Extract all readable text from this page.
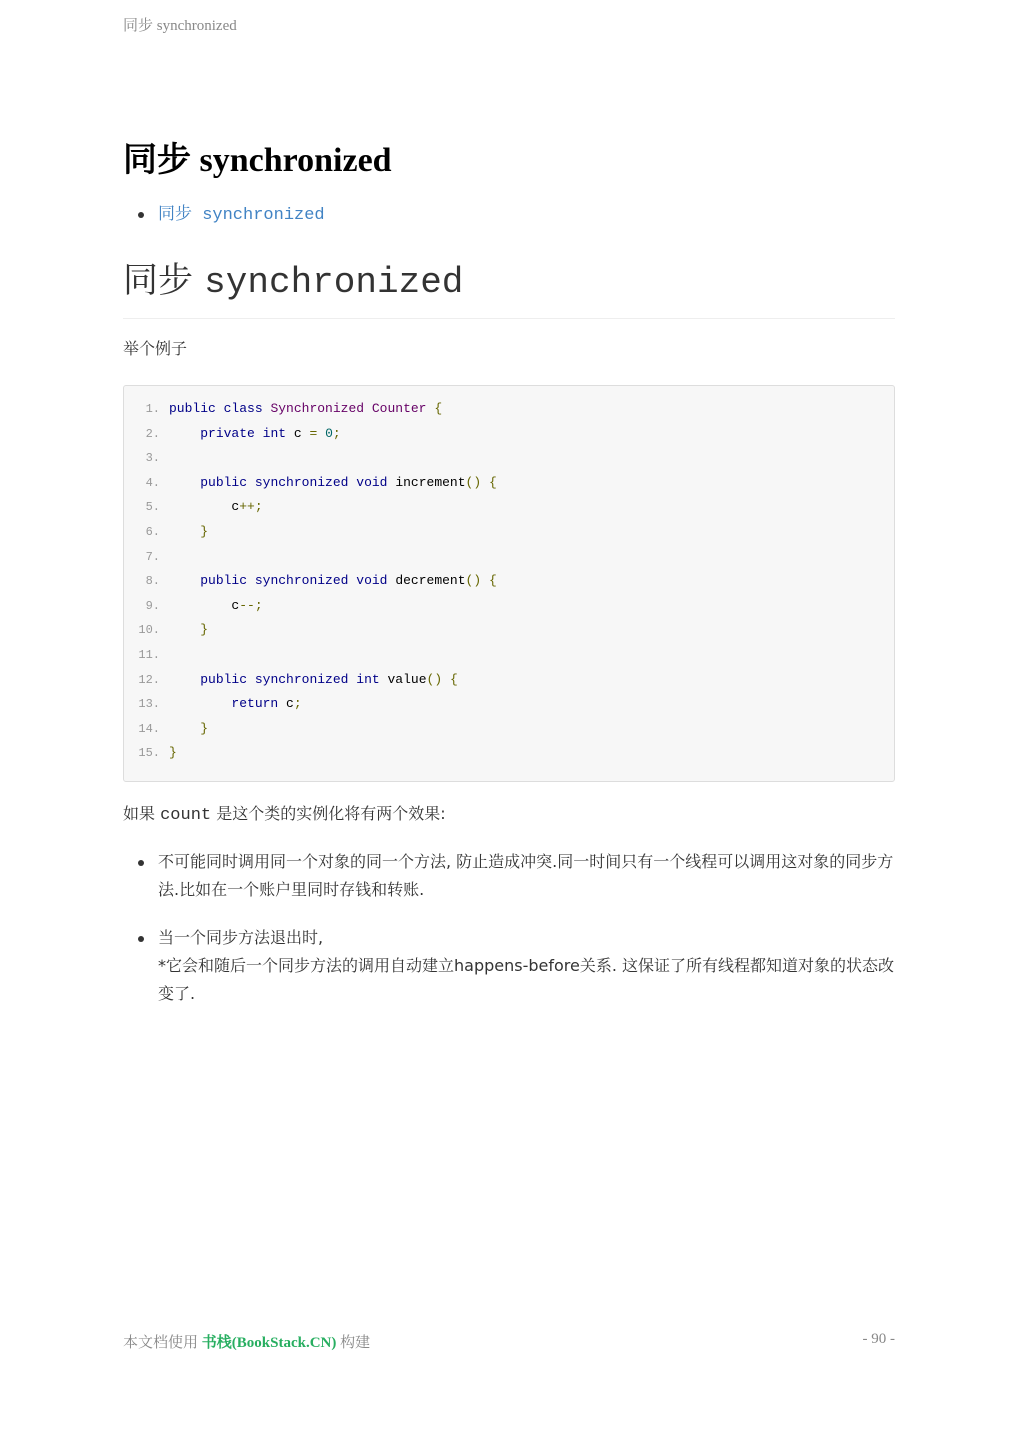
同步 synchronized
同步 synchronized
同步 synchronized
同步 synchronized

举个例子

1. public class Synchronized Counter {
2.	private int c = 0;
3.
4.	public synchronized void increment() {
5.	c++;
6.	}
7.
8.	public synchronized void decrement() {
9.	c--;
10.	}
11.
12.	public synchronized int value() {
13.	return c;
14.	}
15. }

如果 count 是这个类的实例化将有两个效果:

不可能同时调用同一个对象的同一个方法, 防止造成冲突.同一时间只有一个线程可以调用这对象的同步方法.比如在一个账户里同时存钱和转账.
当一个同步方法退出时,
*它会和随后一个同步方法的调用自动建立happens-before关系. 这保证了所有线程都知道对象的状态改变了.
本文档使用 书栈(BookStack.CN) 构建	- 90 -
